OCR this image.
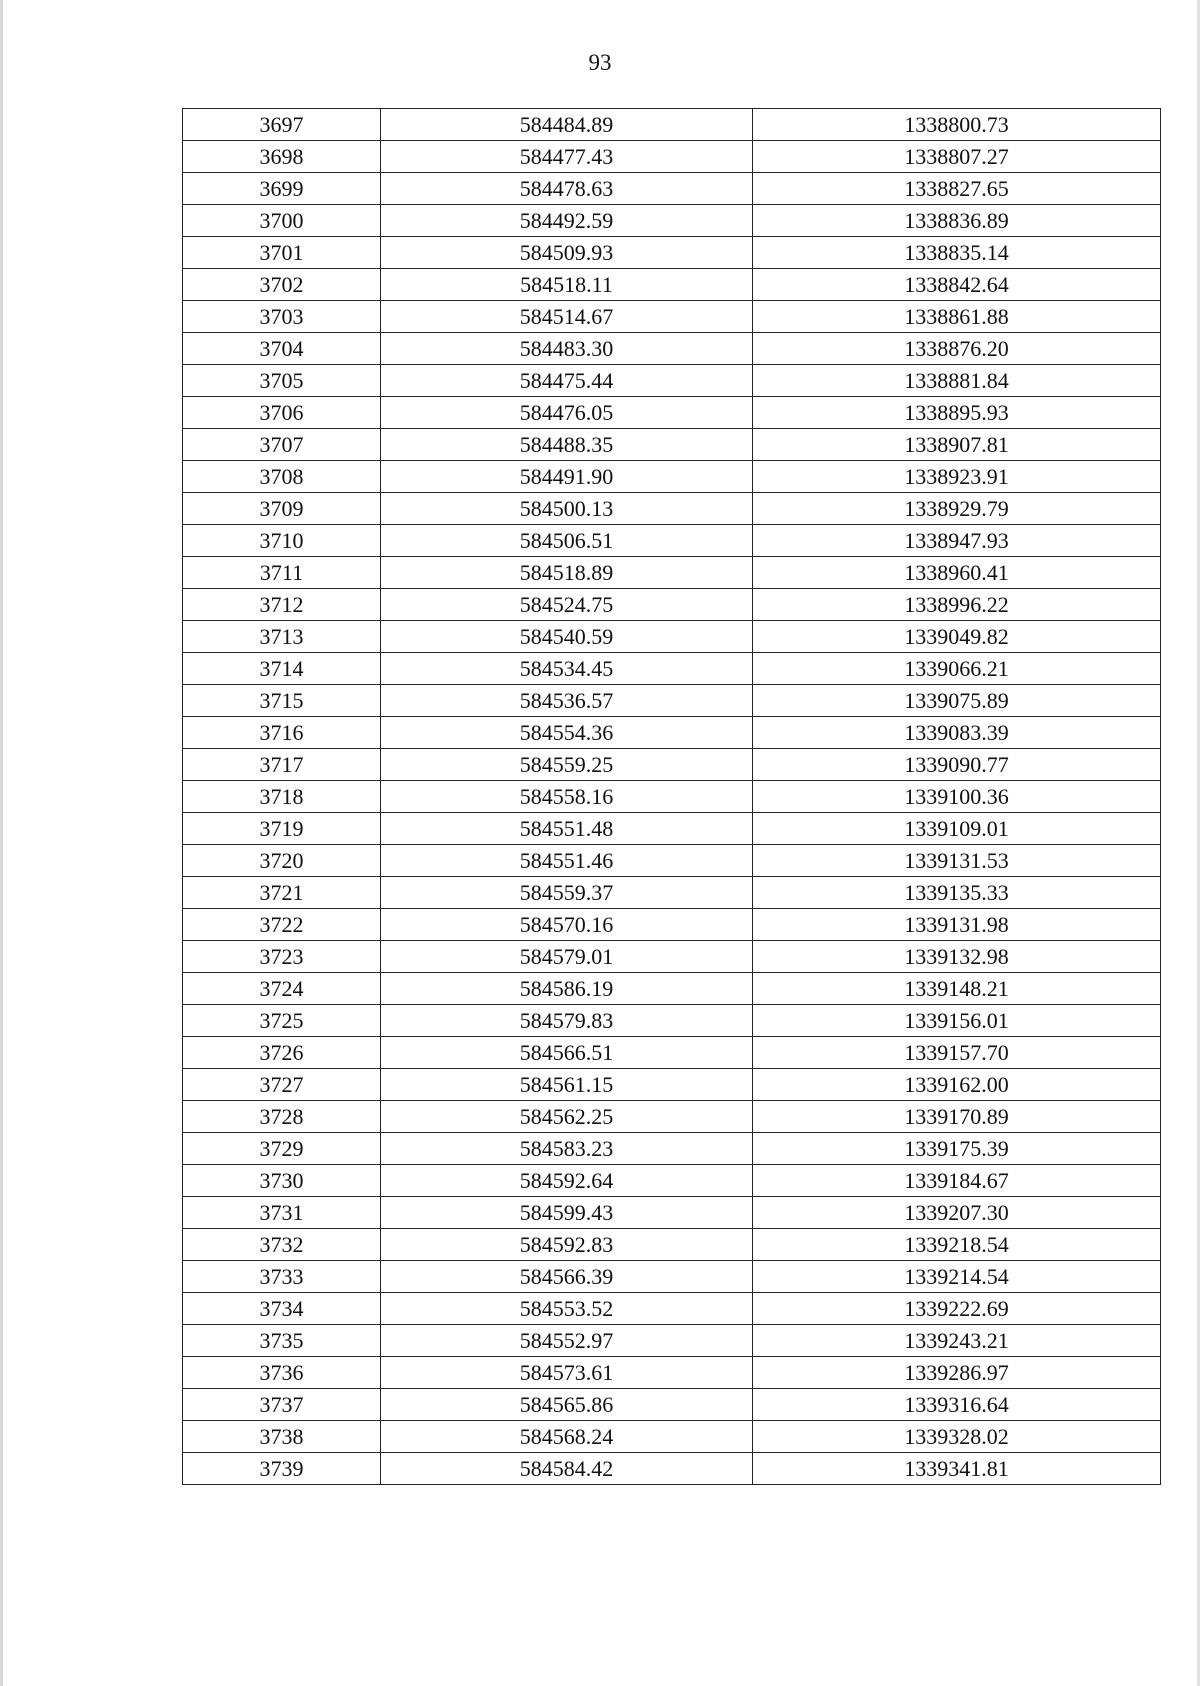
93
3697	584484.89	1338800.73
3698	584477.43	1338807.27
3699	584478.63	1338827.65
3700	584492.59	1338836.89
3701	584509.93	1338835.14
3702	584518.11	1338842.64
3703	584514.67	1338861.88
3704	584483.30	1338876.20
3705	584475.44	1338881.84
3706	584476.05	1338895.93
3707	584488.35	1338907.81
3708	584491.90	1338923.91
3709	584500.13	1338929.79
3710	584506.51	1338947.93
3711	584518.89	1338960.41
3712	584524.75	1338996.22
3713	584540.59	1339049.82
3714	584534.45	1339066.21
3715	584536.57	1339075.89
3716	584554.36	1339083.39
3717	584559.25	1339090.77
3718	584558.16	1339100.36
3719	584551.48	1339109.01
3720	584551.46	1339131.53
3721	584559.37	1339135.33
3722	584570.16	1339131.98
3723	584579.01	1339132.98
3724	584586.19	1339148.21
3725	584579.83	1339156.01
3726	584566.51	1339157.70
3727	584561.15	1339162.00
3728	584562.25	1339170.89
3729	584583.23	1339175.39
3730	584592.64	1339184.67
3731	584599.43	1339207.30
3732	584592.83	1339218.54
3733	584566.39	1339214.54
3734	584553.52	1339222.69
3735	584552.97	1339243.21
3736	584573.61	1339286.97
3737	584565.86	1339316.64
3738	584568.24	1339328.02
3739	584584.42	1339341.81
